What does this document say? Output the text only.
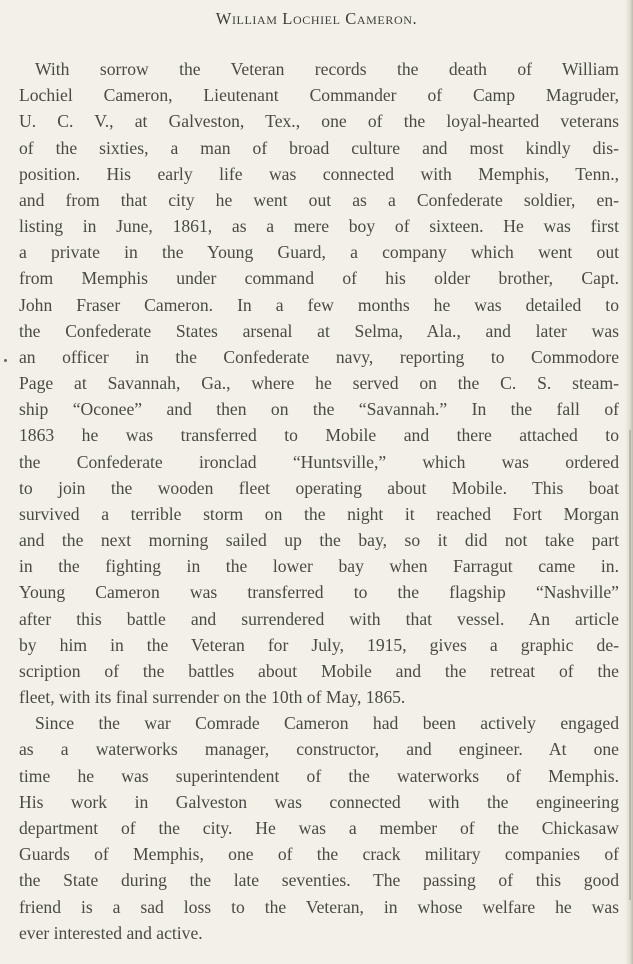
William Lochiel Cameron.
With sorrow the Veteran records the death of William
Lochiel Cameron, Lieutenant Commander of Camp Magruder,
U. C. V., at Galveston, Tex., one of the loyal-hearted veterans
of the sixties, a man of broad culture and most kindly dis-
position. His early life was connected with Memphis, Tenn.,
and from that city he went out as a Confederate soldier, en-
listing in June, 1861, as a mere boy of sixteen. He was first
a private in the Young Guard, a company which went out
from Memphis under command of his older brother, Capt.
John Fraser Cameron. In a few months he was detailed to
the Confederate States arsenal at Selma, Ala., and later was
an officer in the Confederate navy, reporting to Commodore
Page at Savannah, Ga., where he served on the C. S. steam-
ship “Oconee” and then on the “Savannah.” In the fall of
1863 he was transferred to Mobile and there attached to
the Confederate ironclad “Huntsville,” which was ordered
to join the wooden fleet operating about Mobile. This boat
survived a terrible storm on the night it reached Fort Morgan
and the next morning sailed up the bay, so it did not take part
in the fighting in the lower bay when Farragut came in.
Young Cameron was transferred to the flagship “Nashville”
after this battle and surrendered with that vessel. An article
by him in the Veteran for July, 1915, gives a graphic de-
scription of the battles about Mobile and the retreat of the
fleet, with its final surrender on the 10th of May, 1865.
Since the war Comrade Cameron had been actively engaged
as a waterworks manager, constructor, and engineer. At one
time he was superintendent of the waterworks of Memphis.
His work in Galveston was connected with the engineering
department of the city. He was a member of the Chickasaw
Guards of Memphis, one of the crack military companies of
the State during the late seventies. The passing of this good
friend is a sad loss to the Veteran, in whose welfare he was
ever interested and active.
